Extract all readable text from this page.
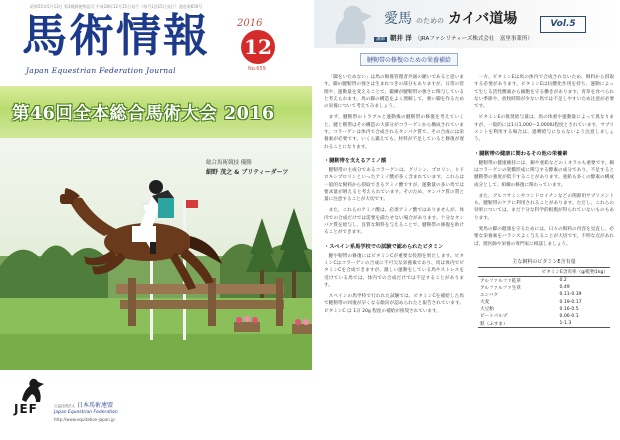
昭和55年5月13日 第3種郵便物認可 平成28年12月15日発行（毎月1回15日発行）通巻第659号
馬術情報	2016
12
No.659
Japan Equestrian Federation Journal
第46回全本総合馬術大会 2016
総合馬術競技 優勝
細野 茂之 & ブリティーダーツ
JEF	公益社団法人 日本馬術連盟
Japan Equestrian Federation
http://www.equitation-japan.jp
愛馬 のための カイバ道場	Vol.5
講師 朝井 洋 （JRAファシリティーズ株式会社　富里事業所）
腱靭帯の修復のための栄養補給
「脚をいためない」は馬の飼養管理者共通の願いであると思います。脚の腱靭帯の強さは生まれつきの部分もありますが、日常の管理や、運動量を変えることで、鍛練が腱靭帯の強さに関与していると考えられます。馬の脚の構造をよく理解して、強い脚を作るための栄養について考えてみましょう。
まず、腱靭帯のトラブルと運動後の腱靭帯の修復を考えていくと、腱と靭帯はその構造の大部分がコラーゲンから構成されています。コラーゲンは体内で合成されるタンパク質で、その合成には栄養素が必要です。いくら鍛えても、材料が不足していると修復が遅れることになります。
・腱靭帯を支えるアミノ酸
腱靭帯の主成分であるコラーゲンは、グリシン、プロリン、ヒドロキシプロリンといったアミノ酸が多く含まれています。これらは一般的な飼料から摂取できるアミノ酸ですが、運動量の多い馬では要求量が増えると考えられています。そのため、タンパク質の質と量に注意することが大切です。
また、これらのアミノ酸は、必須アミノ酸ではありませんが、体内での合成だけでは需要を満たせない場合があります。十分なタンパク質を給与し、良質な飼料を与えることで、腱靭帯の修復を助けることができます。
・スペイン系馬学校での試験で認められたビタミン
腱や靭帯の修復にはビタミンCが重要な役割を果たします。ビタミンCはコラーゲンの合成に不可欠な栄養素であり、馬は体内でビタミンCを合成できますが、激しい運動をしている馬やストレスを受けている馬では、体内での合成だけでは不足することがあります。
スペインの馬学校で行われた試験では、ビタミンCを補給した馬で腱靭帯の回復が早くなる傾向が認められたと報告されています。ビタミンC は 1日 20g 程度の補給が推奨されています。
一方、ビタミンEは馬の体内で合成されないため、飼料から摂取する必要があります。ビタミンEは抗酸化作用を持ち、運動によって生じる活性酸素から細胞を守る働きがあります。青草を食べられない季節や、放牧時間が少ない馬では不足しやすいため注意が必要です。
ビタミンEの推奨給与量は、馬の体重や運動量によって異なりますが、一般的には1日1,000〜2,000IU程度とされています。サプリメントを利用する場合は、過剰給与にならないよう注意しましょう。
・腱靭帯の健康に関わるその他の栄養素
腱靭帯の健康維持には、銅や亜鉛などのミネラルも重要です。銅はコラーゲンの架橋形成に関与する酵素の成分であり、不足すると腱靭帯の強度が低下することがあります。亜鉛も多くの酵素の構成成分として、組織の修復に関わっています。
また、グルコサミンやコンドロイチンなどの関節用サプリメントも、腱靭帯のケアに利用されることがあります。ただし、これらの効果については、まだ十分な科学的根拠が得られていないものもあります。
愛馬の脚の健康を守るためには、日々の飼料の内容を見直し、必要な栄養素をバランスよく与えることが大切です。不明な点があれば、獣医師や栄養の専門家に相談しましょう。
主な飼料のビタミンE含有量
	ビタミンE含有率（g/乾物1kg）
アルファルファ乾草	0.2
アルファルファ生草	0.49
エンバク	0.11-0.39
大麦	0.19-0.17
大豆粕	0.16-0.5
ビートパルプ	0.06-0.1
麩（ふすま）	1-1.3
